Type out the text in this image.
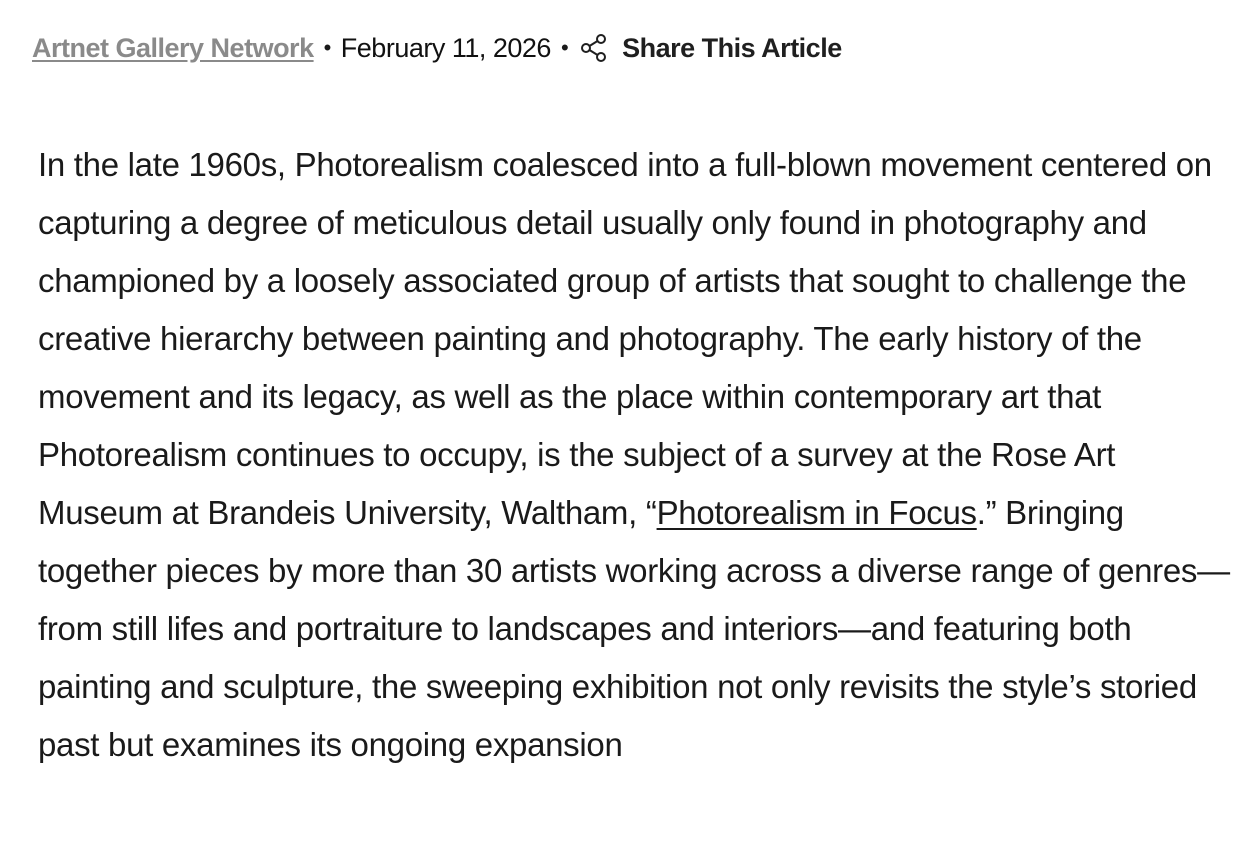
Artnet Gallery Network • February 11, 2026 • Share This Article

In the late 1960s, Photorealism coalesced into a full-blown movement centered on capturing a degree of meticulous detail usually only found in photography and championed by a loosely associated group of artists that sought to challenge the creative hierarchy between painting and photography. The early history of the movement and its legacy, as well as the place within contemporary art that Photorealism continues to occupy, is the subject of a survey at the Rose Art Museum at Brandeis University, Waltham, “Photorealism in Focus.” Bringing together pieces by more than 30 artists working across a diverse range of genres—from still lifes and portraiture to landscapes and interiors—and featuring both painting and sculpture, the sweeping exhibition not only revisits the style’s storied past but examines its ongoing expansion
